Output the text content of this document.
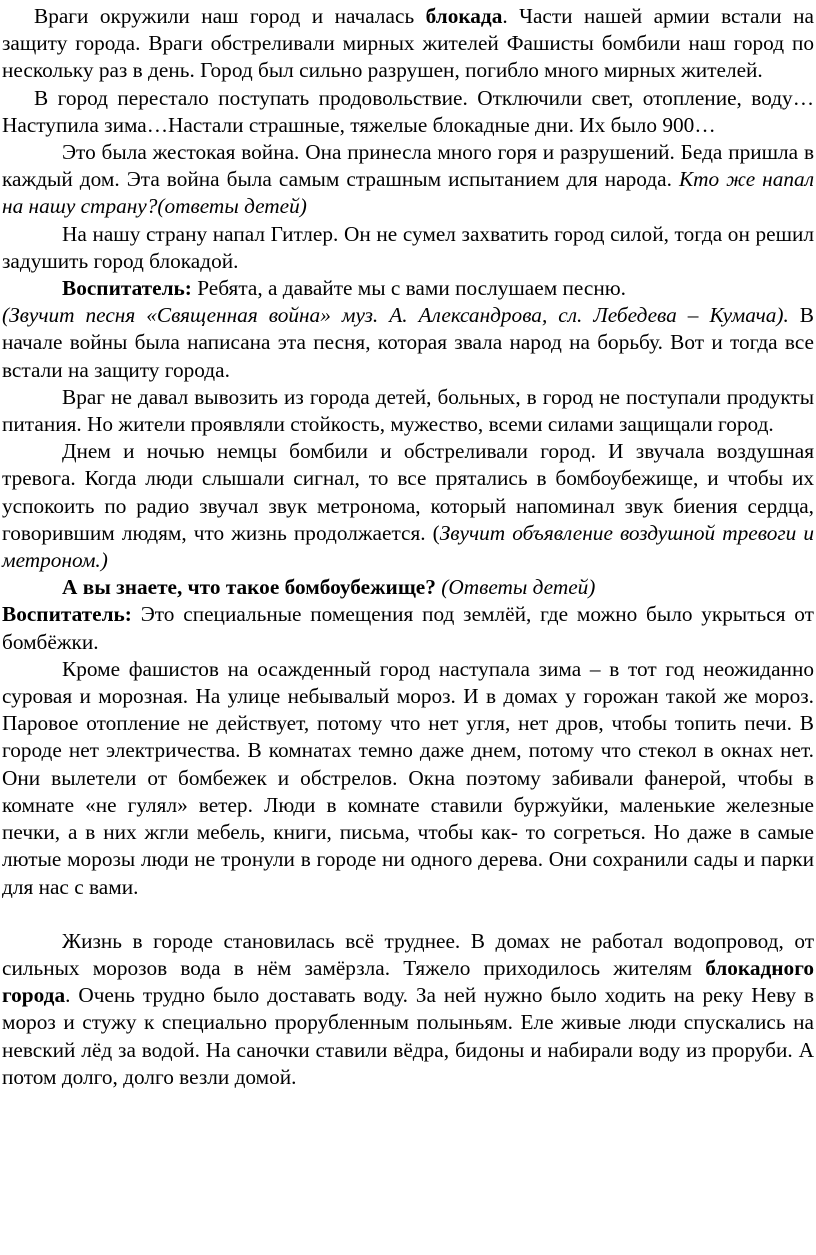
Враги окружили наш город и началась блокада. Части нашей армии встали на защиту города. Враги обстреливали мирных жителей Фашисты бомбили наш город по нескольку раз в день. Город был сильно разрушен, погибло много мирных жителей.

В город перестало поступать продовольствие. Отключили свет, отопление, воду… Наступила зима…Настали страшные, тяжелые блокадные дни. Их было 900…

Это была жестокая война. Она принесла много горя и разрушений. Беда пришла в каждый дом. Эта война была самым страшным испытанием для народа. Кто же напал на нашу страну?(ответы детей)

На нашу страну напал Гитлер. Он не сумел захватить город силой, тогда он решил задушить город блокадой.

Воспитатель: Ребята, а давайте мы с вами послушаем песню.

(Звучит песня «Священная война» муз. А. Александрова, сл. Лебедева – Кумача). В начале войны была написана эта песня, которая звала народ на борьбу. Вот и тогда все встали на защиту города.

Враг не давал вывозить из города детей, больных, в город не поступали продукты питания. Но жители проявляли стойкость, мужество, всеми силами защищали город.

Днем и ночью немцы бомбили и обстреливали город. И звучала воздушная тревога. Когда люди слышали сигнал, то все прятались в бомбоубежище, и чтобы их успокоить по радио звучал звук метронома, который напоминал звук биения сердца, говорившим людям, что жизнь продолжается. (Звучит объявление воздушной тревоги и метроном.)

А вы знаете, что такое бомбоубежище? (Ответы детей)

Воспитатель: Это специальные помещения под землёй, где можно было укрыться от бомбёжки.

Кроме фашистов на осажденный город наступала зима – в тот год неожиданно суровая и морозная. На улице небывалый мороз. И в домах у горожан такой же мороз. Паровое отопление не действует, потому что нет угля, нет дров, чтобы топить печи. В городе нет электричества. В комнатах темно даже днем, потому что стекол в окнах нет. Они вылетели от бомбежек и обстрелов. Окна поэтому забивали фанерой, чтобы в комнате «не гулял» ветер. Люди в комнате ставили буржуйки, маленькие железные печки, а в них жгли мебель, книги, письма, чтобы как- то согреться. Но даже в самые лютые морозы люди не тронули в городе ни одного дерева. Они сохранили сады и парки для нас с вами.

Жизнь в городе становилась всё труднее. В домах не работал водопровод, от сильных морозов вода в нём замёрзла. Тяжело приходилось жителям блокадного города. Очень трудно было доставать воду. За ней нужно было ходить на реку Неву в мороз и стужу к специально прорубленным полыньям. Еле живые люди спускались на невский лёд за водой. На саночки ставили вёдра, бидоны и набирали воду из проруби. А потом долго, долго везли домой.
